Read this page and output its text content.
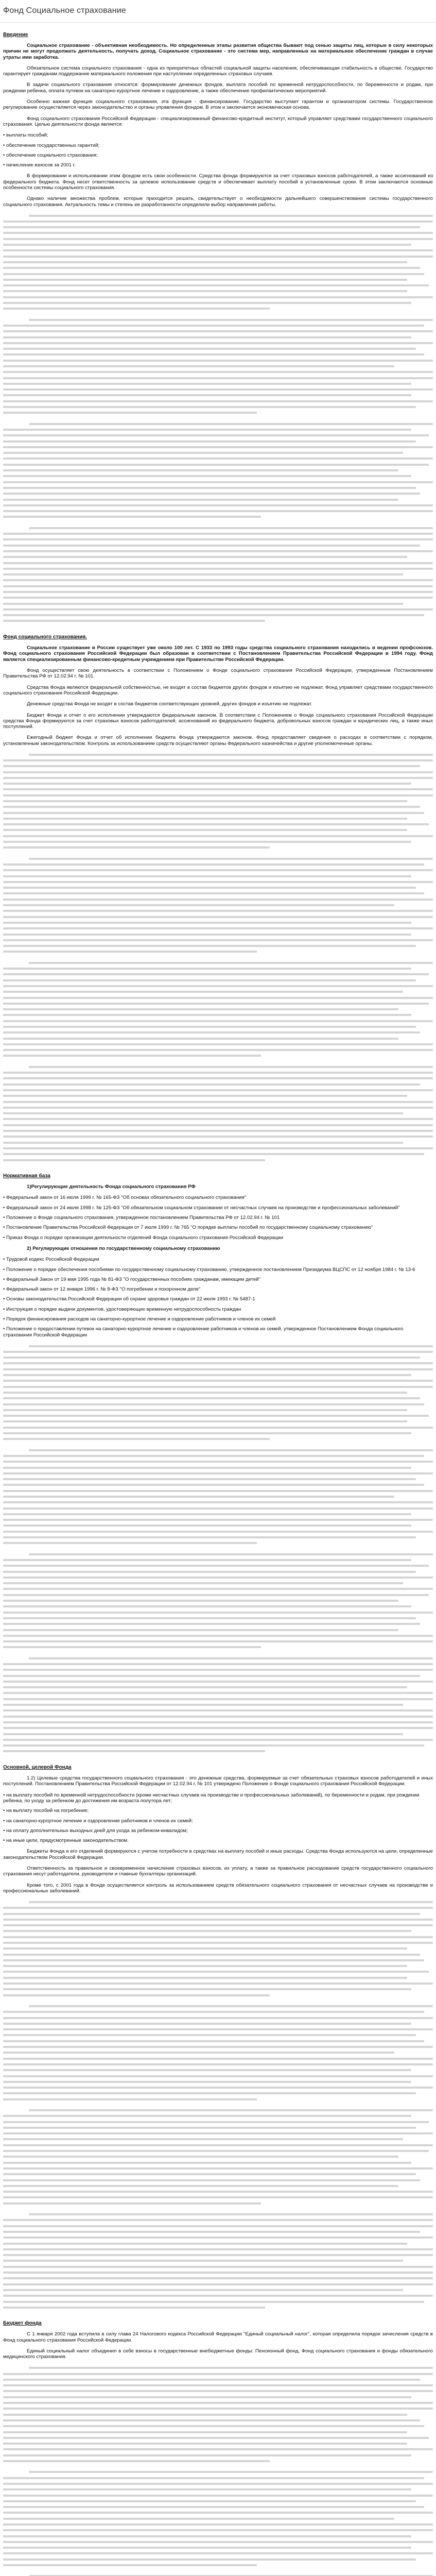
Фонд Социальное страхование
Введение

Социальное страхование - объективная необходимость. Но определенные этапы развития общества бывают под сенью защиты лиц, которые в силу некоторых причин не могут продолжать деятельность, получать доход. Социальное страхование - это система мер, направленных на материальное обеспечение граждан в случае утраты ими заработка.

Обязательное система социального страхования - одна из приоритетных областей социальной защиты населения, обеспечивающая стабильность в обществе. Государство гарантирует гражданам поддержание материального положения при наступлении определенных страховых случаев.

В задачи социального страхования относятся: формирование денежных фондов, выплата пособий по временной нетрудоспособности, по беременности и родам, при рождении ребенка, оплата путевок на санаторно-курортное лечение и оздоровление, а также обеспечение профилактических мероприятий.

Особенно важная функция социального страхования, эта функция - финансирование. Государство выступает гарантом и организатором системы. Государственное регулирование осуществляется через законодательство и органы управления фондом. В этом и заключается экономическая основа.

Фонд социального страхования Российской Федерации - специализированный финансово-кредитный институт, который управляет средствами государственного социального страхования. Целью деятельности фонда является:

• выплаты пособий;
• обеспечение государственных гарантий;
• обеспечение социального страхования;
• начисление взносов за 2001 г.

В формировании и использовании этим фондом есть свои особенности. Средства фонда формируются за счет страховых взносов работодателей, а также ассигнований из федерального бюджета. Фонд несет ответственность за целевое использование средств и обеспечивает выплату пособий в установленные сроки. В этом заключаются основные особенности системы социального страхования.

Однако наличие множества проблем, которые приходится решать, свидетельствует о необходимости дальнейшего совершенствования системы государственного социального страхования. Актуальность темы и степень ее разработанности определили выбор направления работы.

Фонд социального страхования.

Социальное страхование в России существует уже около 100 лет. С 1933 по 1993 годы средства социального страхования находились в ведении профсоюзов. Фонд социального страхования Российской Федерации был образован в соответствии с Постановлением Правительства Российской Федерации в 1994 году. Фонд является специализированным финансово-кредитным учреждением при Правительстве Российской Федерации.

Фонд осуществляет свою деятельность в соответствии с Положением о Фонде социального страхования Российской Федерации, утвержденным Постановлением Правительства РФ от 12.02.94 г. № 101.

Средства Фонда являются федеральной собственностью, не входят в состав бюджетов других фондов и изъятию не подлежат. Фонд управляет средствами государственного социального страхования Российской Федерации.

Денежные средства Фонда не входят в состав бюджетов соответствующих уровней, других фондов и изъятию не подлежат.

Бюджет Фонда и отчет о его исполнении утверждаются федеральным законом. В соответствии с Положением о Фонде социального страхования Российской Федерации средства Фонда формируются за счет страховых взносов работодателей, ассигнований из федерального бюджета, добровольных взносов граждан и юридических лиц, а также иных поступлений.

Ежегодный бюджет Фонда и отчет об исполнении бюджета Фонда утверждаются законом. Фонд предоставляет сведения о расходах в соответствии с порядком, установленным законодательством. Контроль за использованием средств осуществляют органы Федерального казначейства и другие уполномоченные органы.

Нормативная база

1)Регулирующие деятельность Фонда социального страхования РФ

• Федеральный закон от 16 июля 1999 г. № 165-ФЗ "Об основах обязательного социального страхования"
• Федеральный закон от 24 июля 1998 г. № 125-ФЗ "Об обязательном социальном страховании от несчастных случаев на производстве и профессиональных заболеваний"
• Положение о Фонде социального страхования, утвержденное постановлением Правительства РФ от 12.02.94 г. № 101
• Постановление Правительства Российской Федерации от 7 июля 1999 г. № 765 "О порядке выплаты пособий по государственному социальному страхованию"
• Приказ Фонда о порядке организации деятельности отделений Фонда социального страхования Российской Федерации

2) Регулирующие отношения по государственному социальному страхованию

• Трудовой кодекс Российской Федерации
• Положение о порядке обеспечения пособиями по государственному социальному страхованию, утвержденное постановлением Президиума ВЦСПС от 12 ноября 1984 г. № 13-6
• Федеральный Закон от 19 мая 1995 года № 81-ФЗ "О государственных пособиях гражданам, имеющим детей"
• Федеральный закон от 12 января 1996 г. № 8-ФЗ "О погребении и похоронном деле"
• Основы законодательства Российской Федерации об охране здоровья граждан от 22 июля 1993 г. № 5487-1
• Инструкция о порядке выдачи документов, удостоверяющих временную нетрудоспособность граждан
• Порядок финансирования расходов на санаторно-курортное лечение и оздоровление работников и членов их семей
• Положение о предоставлении путевок на санаторно-курортное лечение и оздоровление работников и членов их семей, утвержденное Постановлением Фонда социального страхования Российской Федерации
Основной, целевой Фонда

1.2) Целевые средства государственного социального страхования - это денежные средства, формируемые за счет обязательных страховых взносов работодателей и иных поступлений. Постановлением Правительства Российской Федерации от 12.02.94 г. № 101 утверждено Положение о Фонде социального страхования Российской Федерации.

• на выплату пособий по временной нетрудоспособности (кроме несчастных случаев на производстве и профессиональных заболеваний), по беременности и родам, при рождении ребенка, по уходу за ребенком до достижения им возраста полутора лет;
• на выплату пособий на погребение;
• на санаторно-курортное лечение и оздоровление работников и членов их семей;
• на оплату дополнительных выходных дней для ухода за ребенком-инвалидом;
• на иные цели, предусмотренные законодательством.

Бюджеты Фонда и его отделений формируются с учетом потребности в средствах на выплату пособий и иные расходы. Средства Фонда используются на цели, определенные законодательством Российской Федерации.

Ответственность за правильное и своевременное начисление страховых взносов, их уплату, а также за правильное расходование средств государственного социального страхования несут работодатели, руководители и главные бухгалтеры организаций.

Кроме того, с 2001 года в Фонде осуществляется контроль за использованием средств обязательного социального страхования от несчастных случаев на производстве и профессиональных заболеваний.

Бюджет фонда

С 1 января 2002 года вступила в силу глава 24 Налогового кодекса Российской Федерации "Единый социальный налог", которая определила порядок зачисления средств в Фонд социального страхования Российской Федерации.

Единый социальный налог объединил в себе взносы в государственные внебюджетные фонды: Пенсионный фонд, Фонд социального страхования и фонды обязательного медицинского страхования.
